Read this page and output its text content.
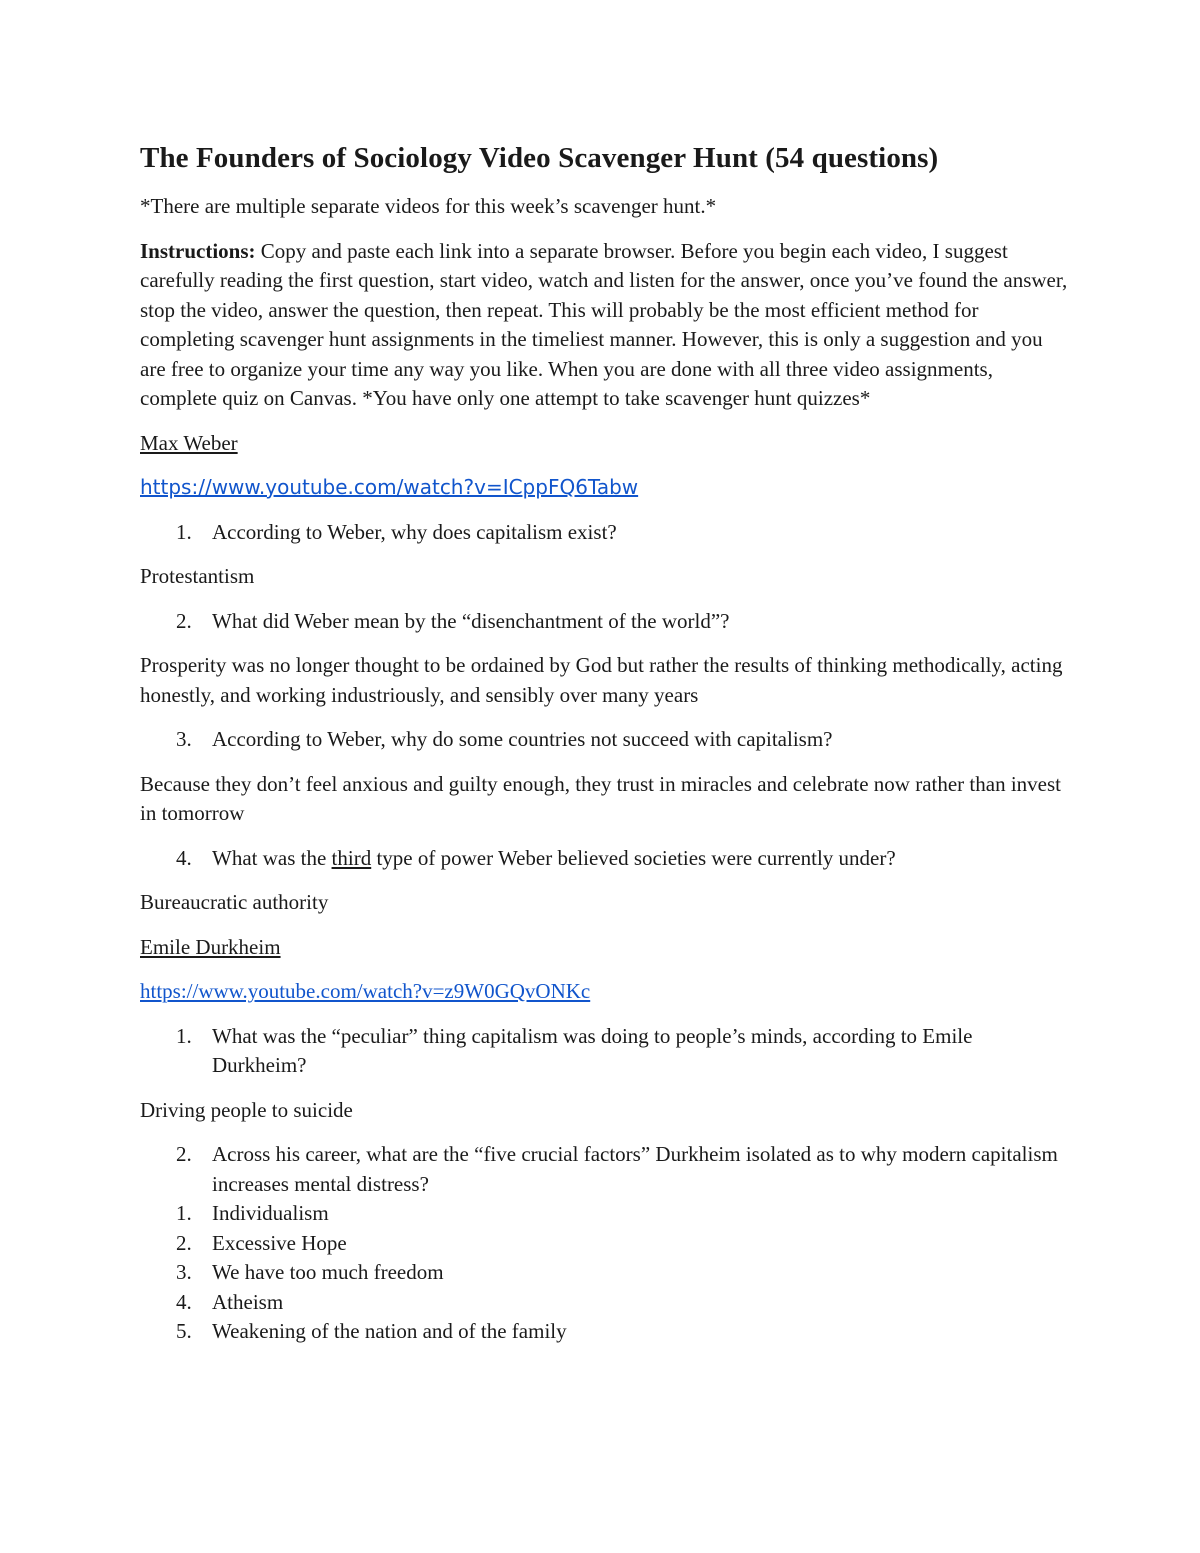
The Founders of Sociology Video Scavenger Hunt (54 questions)

*There are multiple separate videos for this week’s scavenger hunt.*

Instructions: Copy and paste each link into a separate browser. Before you begin each video, I suggest carefully reading the first question, start video, watch and listen for the answer, once you’ve found the answer, stop the video, answer the question, then repeat. This will probably be the most efficient method for completing scavenger hunt assignments in the timeliest manner. However, this is only a suggestion and you are free to organize your time any way you like. When you are done with all three video assignments, complete quiz on Canvas. *You have only one attempt to take scavenger hunt quizzes*

Max Weber

https://www.youtube.com/watch?v=ICppFQ6Tabw

1. According to Weber, why does capitalism exist?

Protestantism

2. What did Weber mean by the “disenchantment of the world”?

Prosperity was no longer thought to be ordained by God but rather the results of thinking methodically, acting honestly, and working industriously, and sensibly over many years

3. According to Weber, why do some countries not succeed with capitalism?

Because they don’t feel anxious and guilty enough, they trust in miracles and celebrate now rather than invest in tomorrow

4. What was the third type of power Weber believed societies were currently under?

Bureaucratic authority

Emile Durkheim

https://www.youtube.com/watch?v=z9W0GQvONKc

1. What was the “peculiar” thing capitalism was doing to people’s minds, according to Emile Durkheim?

Driving people to suicide

2. Across his career, what are the “five crucial factors” Durkheim isolated as to why modern capitalism increases mental distress?
1. Individualism
2. Excessive Hope
3. We have too much freedom
4. Atheism
5. Weakening of the nation and of the family
